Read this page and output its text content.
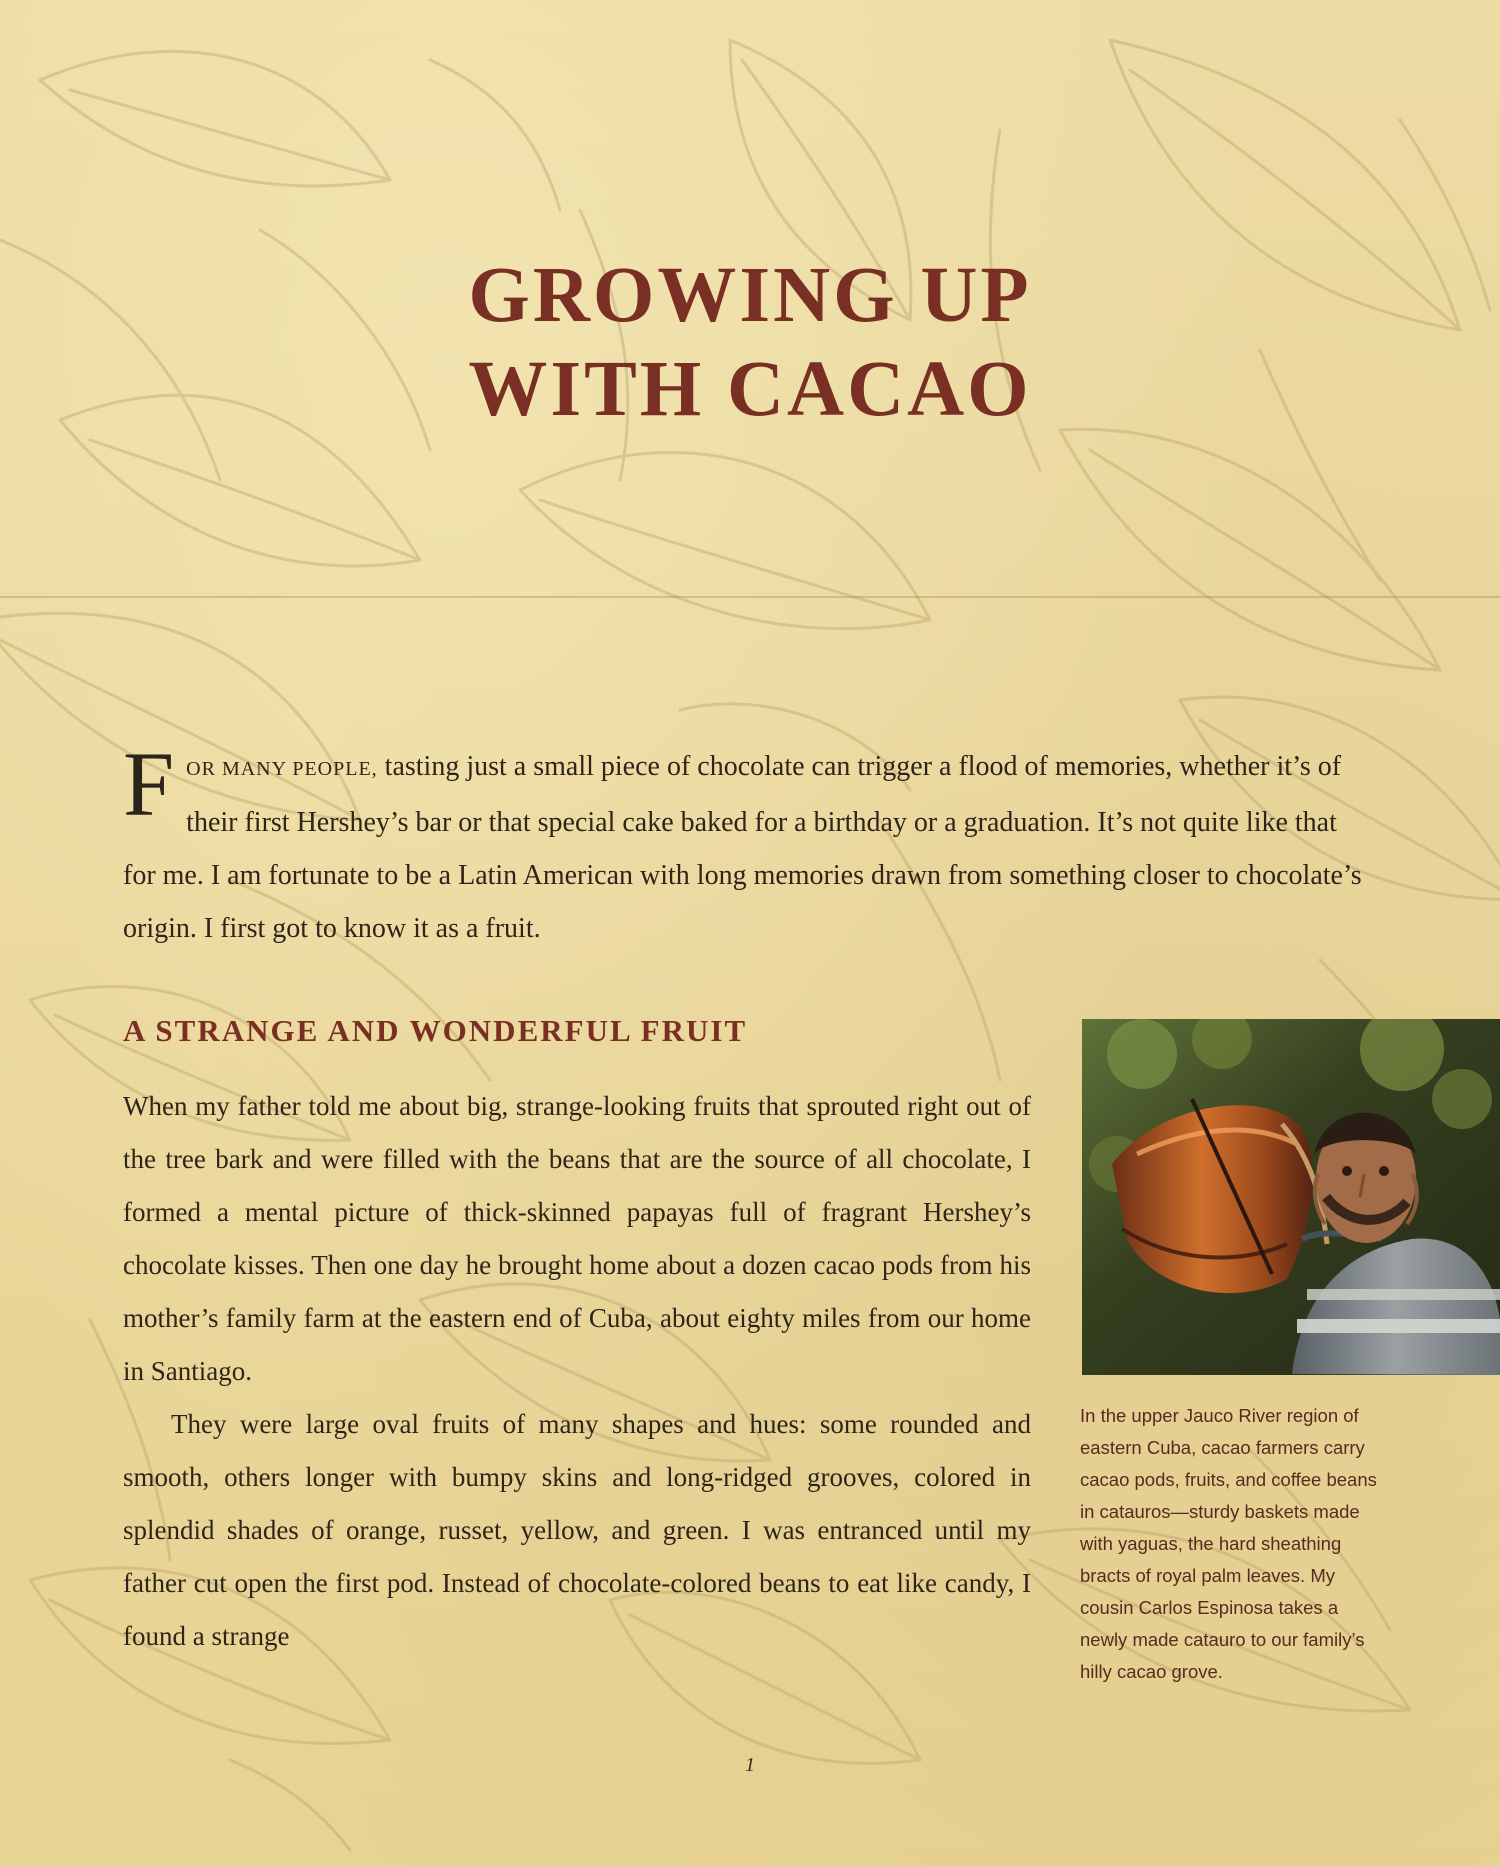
GROWING UP
WITH CACAO
F OR MANY PEOPLE, tasting just a small piece of chocolate can trigger a flood of memories, whether it’s of their first Hershey’s bar or that special cake baked for a birthday or a graduation. It’s not quite like that for me. I am fortunate to be a Latin American with long memories drawn from something closer to chocolate’s origin. I first got to know it as a fruit.
A STRANGE AND WONDERFUL FRUIT

When my father told me about big, strange-looking fruits that sprouted right out of the tree bark and were filled with the beans that are the source of all chocolate, I formed a mental picture of thick-skinned papayas full of fragrant Hershey’s chocolate kisses. Then one day he brought home about a dozen cacao pods from his mother’s family farm at the eastern end of Cuba, about eighty miles from our home in Santiago.

They were large oval fruits of many shapes and hues: some rounded and smooth, others longer with bumpy skins and long-ridged grooves, colored in splendid shades of orange, russet, yellow, and green. I was entranced until my father cut open the first pod. Instead of chocolate-colored beans to eat like candy, I found a strange

In the upper Jauco River region of
eastern Cuba, cacao farmers carry
cacao pods, fruits, and coffee beans
in catauros—sturdy baskets made
with yaguas, the hard sheathing
bracts of royal palm leaves. My
cousin Carlos Espinosa takes a
newly made catauro to our family’s
hilly cacao grove.
1
